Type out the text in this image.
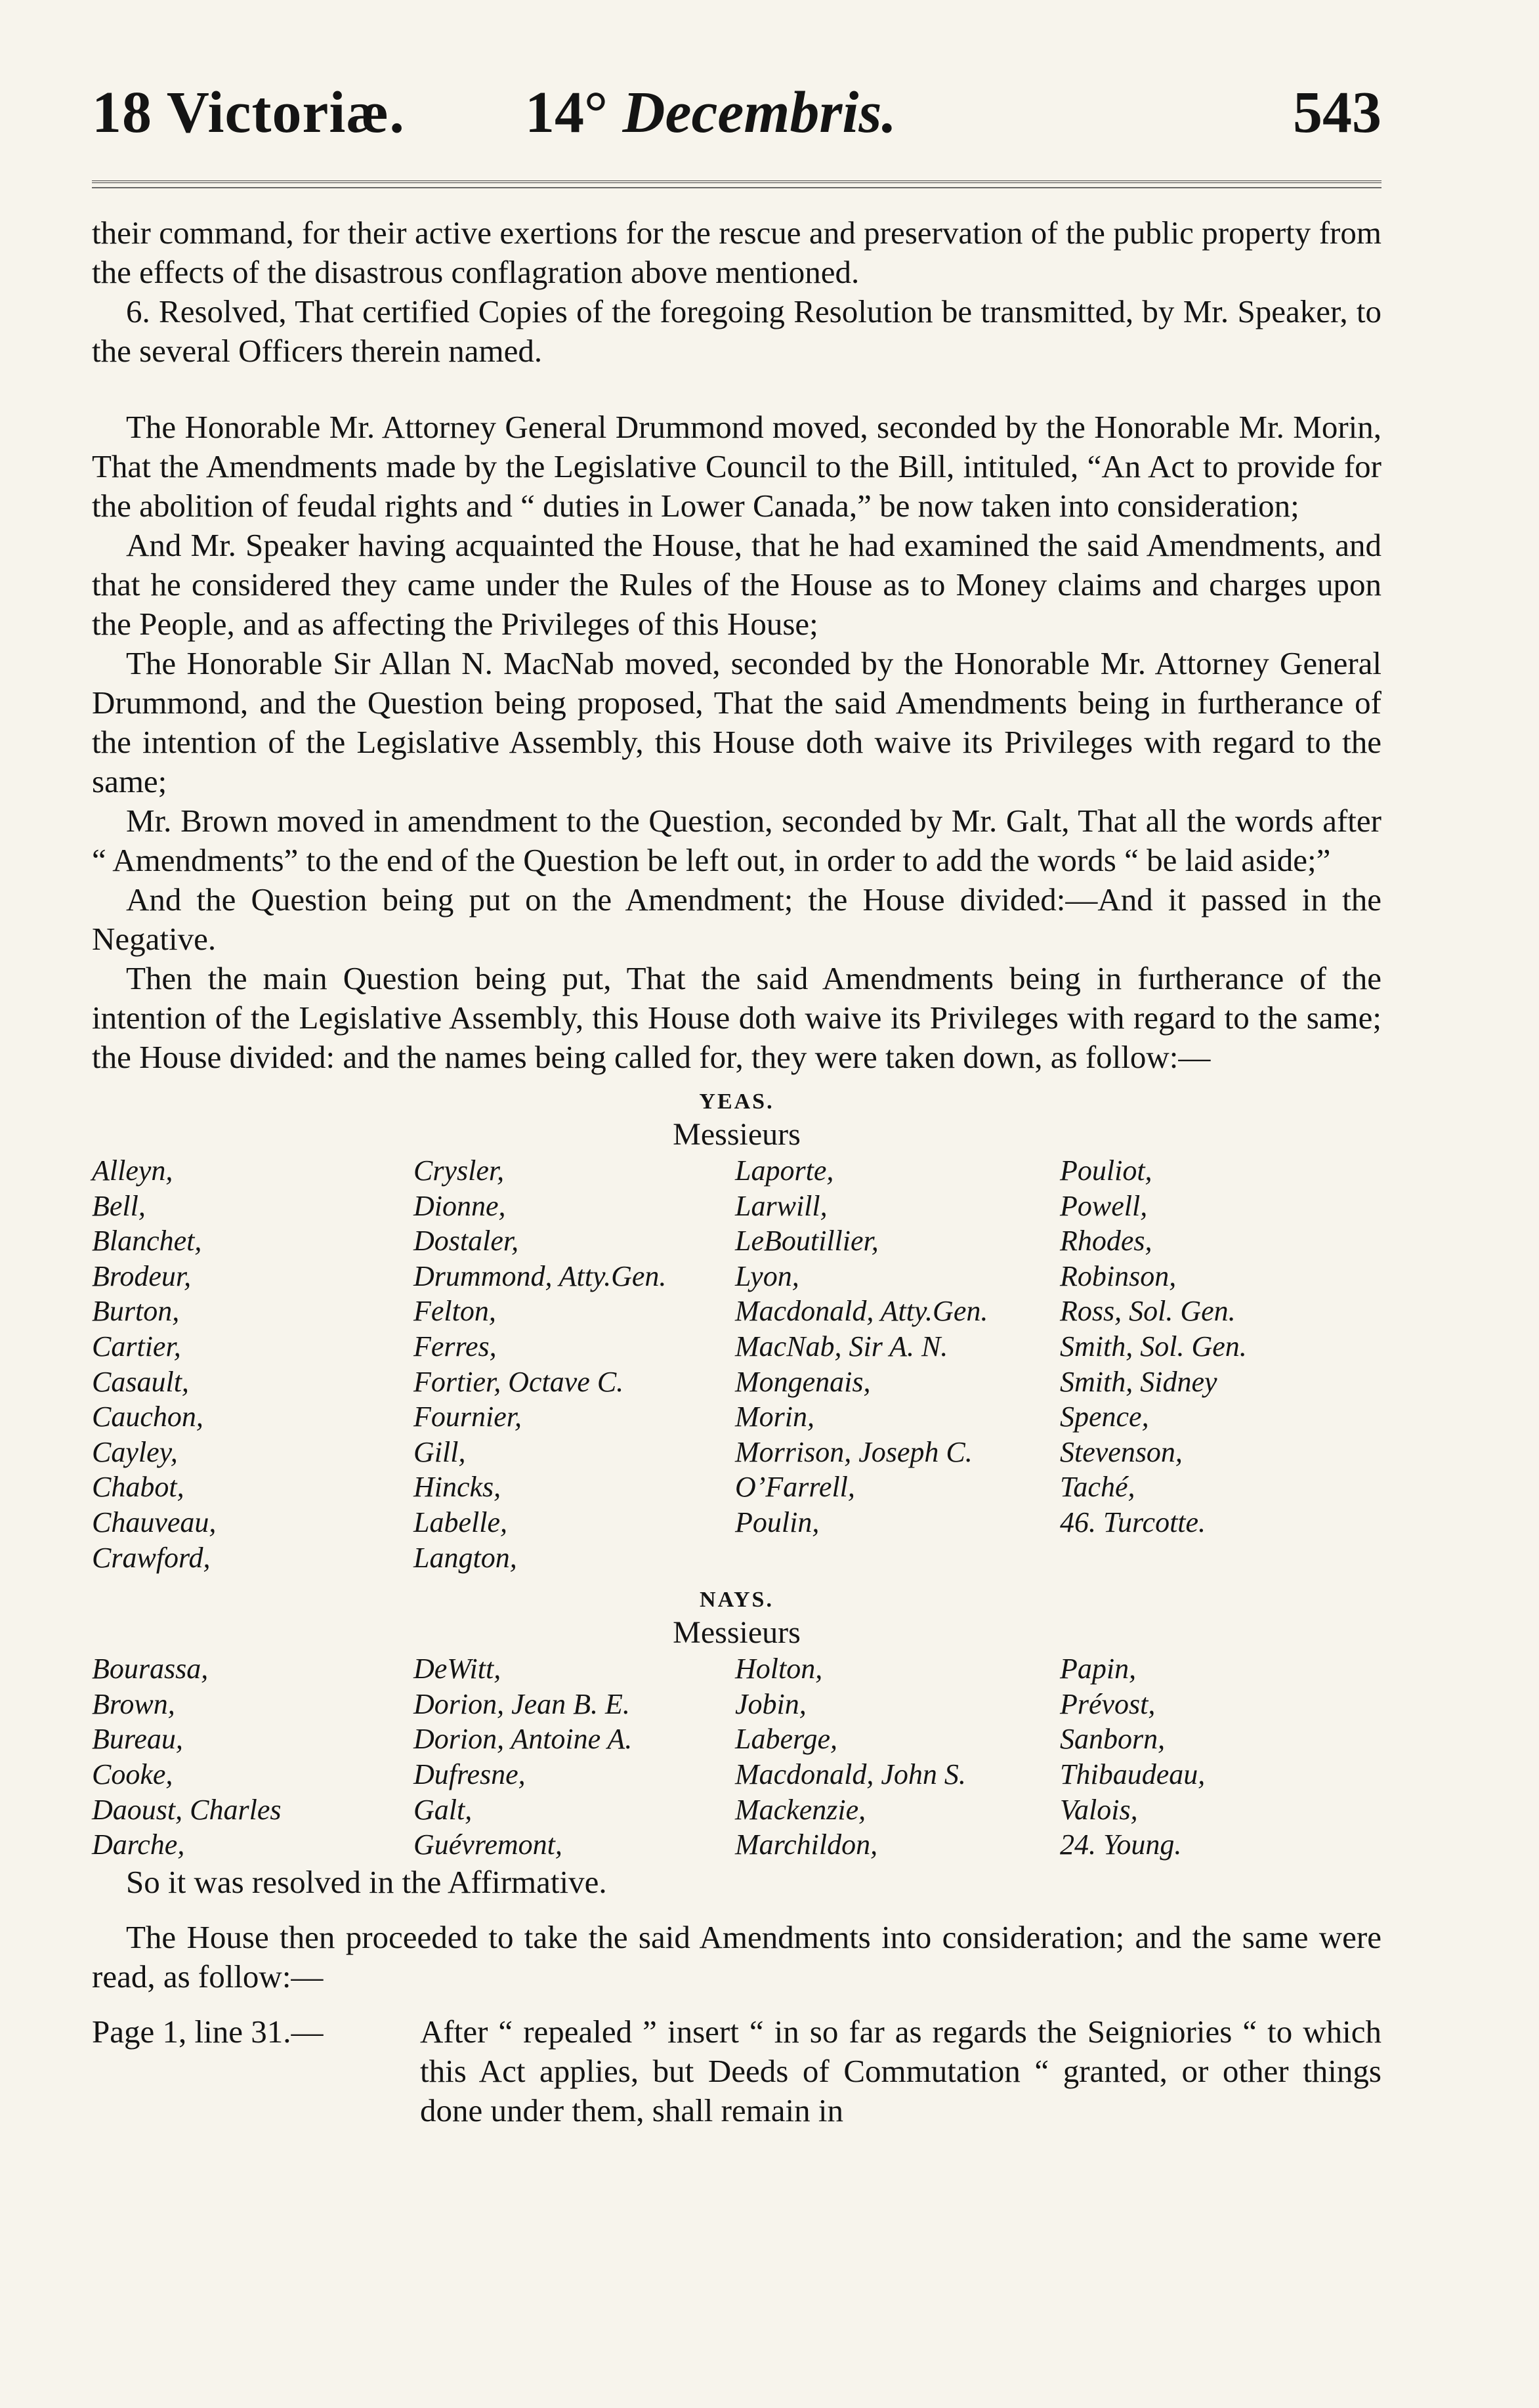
18 Victoriæ. 14° Decembris.	543

their command, for their active exertions for the rescue and preservation of the public property from the effects of the disastrous conflagration above mentioned.

6. Resolved, That certified Copies of the foregoing Resolution be transmitted, by Mr. Speaker, to the several Officers therein named.

The Honorable Mr. Attorney General Drummond moved, seconded by the Honorable Mr. Morin, That the Amendments made by the Legislative Council to the Bill, intituled, “An Act to provide for the abolition of feudal rights and “ duties in Lower Canada,” be now taken into consideration;

And Mr. Speaker having acquainted the House, that he had examined the said Amendments, and that he considered they came under the Rules of the House as to Money claims and charges upon the People, and as affecting the Privileges of this House;

The Honorable Sir Allan N. MacNab moved, seconded by the Honorable Mr. Attorney General Drummond, and the Question being proposed, That the said Amendments being in furtherance of the intention of the Legislative Assembly, this House doth waive its Privileges with regard to the same;

Mr. Brown moved in amendment to the Question, seconded by Mr. Galt, That all the words after “ Amendments” to the end of the Question be left out, in order to add the words “ be laid aside;”

And the Question being put on the Amendment; the House divided:—And it passed in the Negative.

Then the main Question being put, That the said Amendments being in furtherance of the intention of the Legislative Assembly, this House doth waive its Privileges with regard to the same; the House divided: and the names being called for, they were taken down, as follow:—

YEAS.
Messieurs
Alleyn,
Bell,
Blanchet,
Brodeur,
Burton,
Cartier,
Casault,
Cauchon,
Cayley,
Chabot,
Chauveau,
Crawford,
Crysler,
Dionne,
Dostaler,
Drummond, Atty.Gen.
Felton,
Ferres,
Fortier, Octave C.
Fournier,
Gill,
Hincks,
Labelle,
Langton,
Laporte,
Larwill,
LeBoutillier,
Lyon,
Macdonald, Atty.Gen.
MacNab, Sir A. N.
Mongenais,
Morin,
Morrison, Joseph C.
O’Farrell,
Poulin,
Pouliot,
Powell,
Rhodes,
Robinson,
Ross, Sol. Gen.
Smith, Sol. Gen.
Smith, Sidney
Spence,
Stevenson,
Taché,
46. Turcotte.
NAYS.
Messieurs
Bourassa,
Brown,
Bureau,
Cooke,
Daoust, Charles
Darche,
DeWitt,
Dorion, Jean B. E.
Dorion, Antoine A.
Dufresne,
Galt,
Guévremont,
Holton,
Jobin,
Laberge,
Macdonald, John S.
Mackenzie,
Marchildon,
Papin,
Prévost,
Sanborn,
Thibaudeau,
Valois,
24. Young.

So it was resolved in the Affirmative.

The House then proceeded to take the said Amendments into consideration; and the same were read, as follow:—

Page 1, line 31.—	After “ repealed ” insert “ in so far as regards the Seigniories “ to which this Act applies, but Deeds of Commutation “ granted, or other things done under them, shall remain in
